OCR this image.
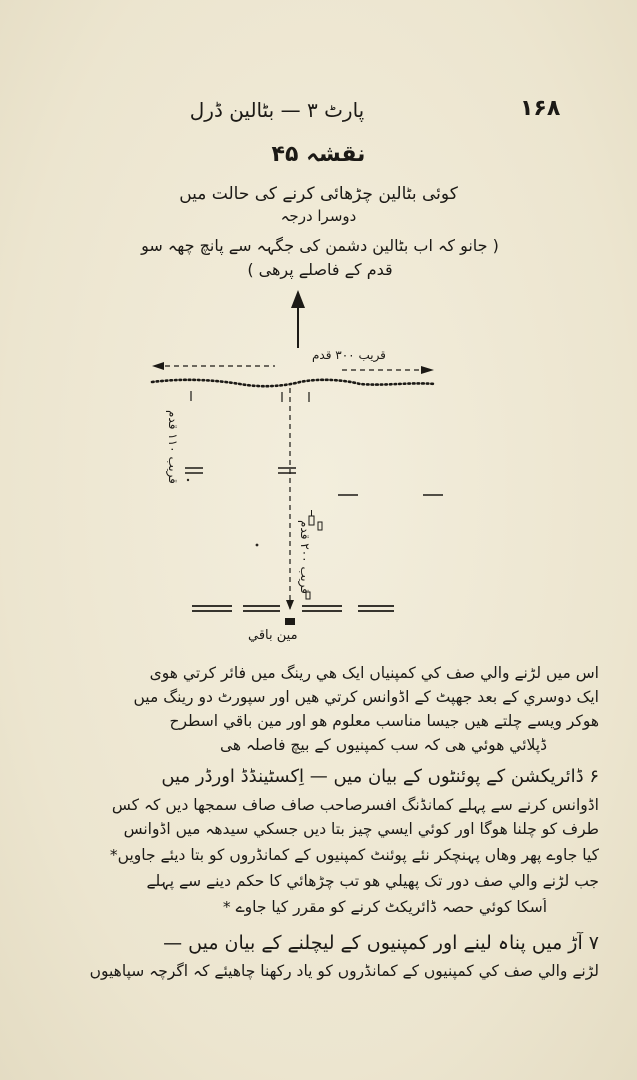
پارٹ ۳ — بٹالین ڈرل	۱۶۸
نقشہ ۴۵
کوئی بٹالین چڑھائی کرنے کی حالت میں
دوسرا درجہ
( جانو کہ اب بٹالین دشمن کی جگہہ سے پانچ چھہ سو
قدم کے فاصلے پرھی )
قریب ۳۰۰ قدم
قریب ۱۱۰ قدم
قریب ۲۰۰ قدم
مین باقي
اس میں لڑنے والي صف کي کمپنیاں ایک ھي رینگ میں فائر کرتي ھوی
ایک دوسري کے بعد جھپٹ کے اڈوانس کرتي ھیں اور سپورٹ دو رینگ میں
ھوکر ویسے چلتے ھیں جیسا مناسب معلوم ھو اور مین باقي اسطرح
ڈپلائي ھوئي ھی کہ سب کمپنیوں کے بیچ فاصلہ ھی
۶ ڈائریکشن کے پوئنٹوں کے بیان میں — اِکسٹینڈڈ اورڈر میں
اڈوانس کرنے سے پہلے کمانڈنگ افسرصاحب صاف صاف سمجھا دیں کہ کس
طرف کو چلنا ھوگا اور کوئي ایسي چیز بتا دیں جسکي سیدھہ میں اڈوانس
کیا جاوے پھر وھاں پہنچکر نئے پوئنٹ کمپنیوں کے کمانڈروں کو بتا دیئے جاویں*
جب لڑنے والي صف دور تک پھیلي ھو تب چڑھائي کا حکم دینے سے پہلے
اُسکا کوئي حصہ ڈائریکٹ کرنے کو مقرر کیا جاوے *
۷ آڑ میں پناہ لینے اور کمپنیوں کے لیچلنے کے بیان میں —
لڑنے والي صف کي کمپنیوں کے کمانڈروں کو یاد رکھنا چاھیئے کہ اگرچہ سپاھیوں
